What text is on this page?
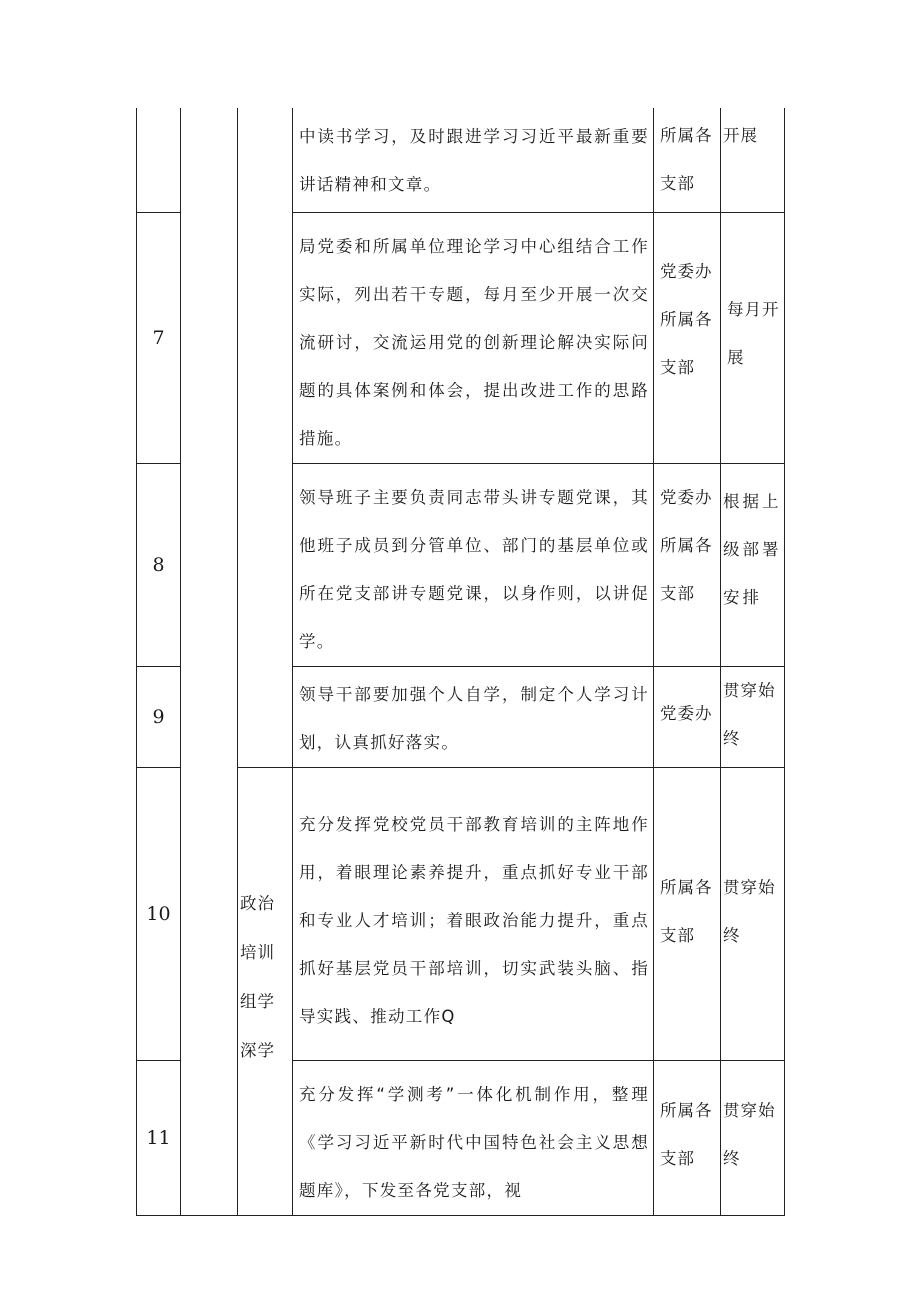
			中读书学习，及时跟进学习习近平最新重要讲话精神和文章。	所属各支部	开展
7			局党委和所属单位理论学习中心组结合工作实际，列出若干专题，每月至少开展一次交流研讨，交流运用党的创新理论解决实际问题的具体案例和体会，提出改进工作的思路措施。	党委办所属各支部	每月开展
8			领导班子主要负责同志带头讲专题党课，其他班子成员到分管单位、部门的基层单位或所在党支部讲专题党课，以身作则，以讲促学。	党委办所属各支部	根据上级部署安排
9			领导干部要加强个人自学，制定个人学习计划，认真抓好落实。	党委办	贯穿始终
10		政治培训组学深学	充分发挥党校党员干部教育培训的主阵地作用，着眼理论素养提升，重点抓好专业干部和专业人才培训；着眼政治能力提升，重点抓好基层党员干部培训，切实武装头脑、指导实践、推动工作Q	所属各支部	贯穿始终
11			充分发挥“学测考”一体化机制作用，整理《学习习近平新时代中国特色社会主义思想题库》，下发至各党支部，视	所属各支部	贯穿始终
